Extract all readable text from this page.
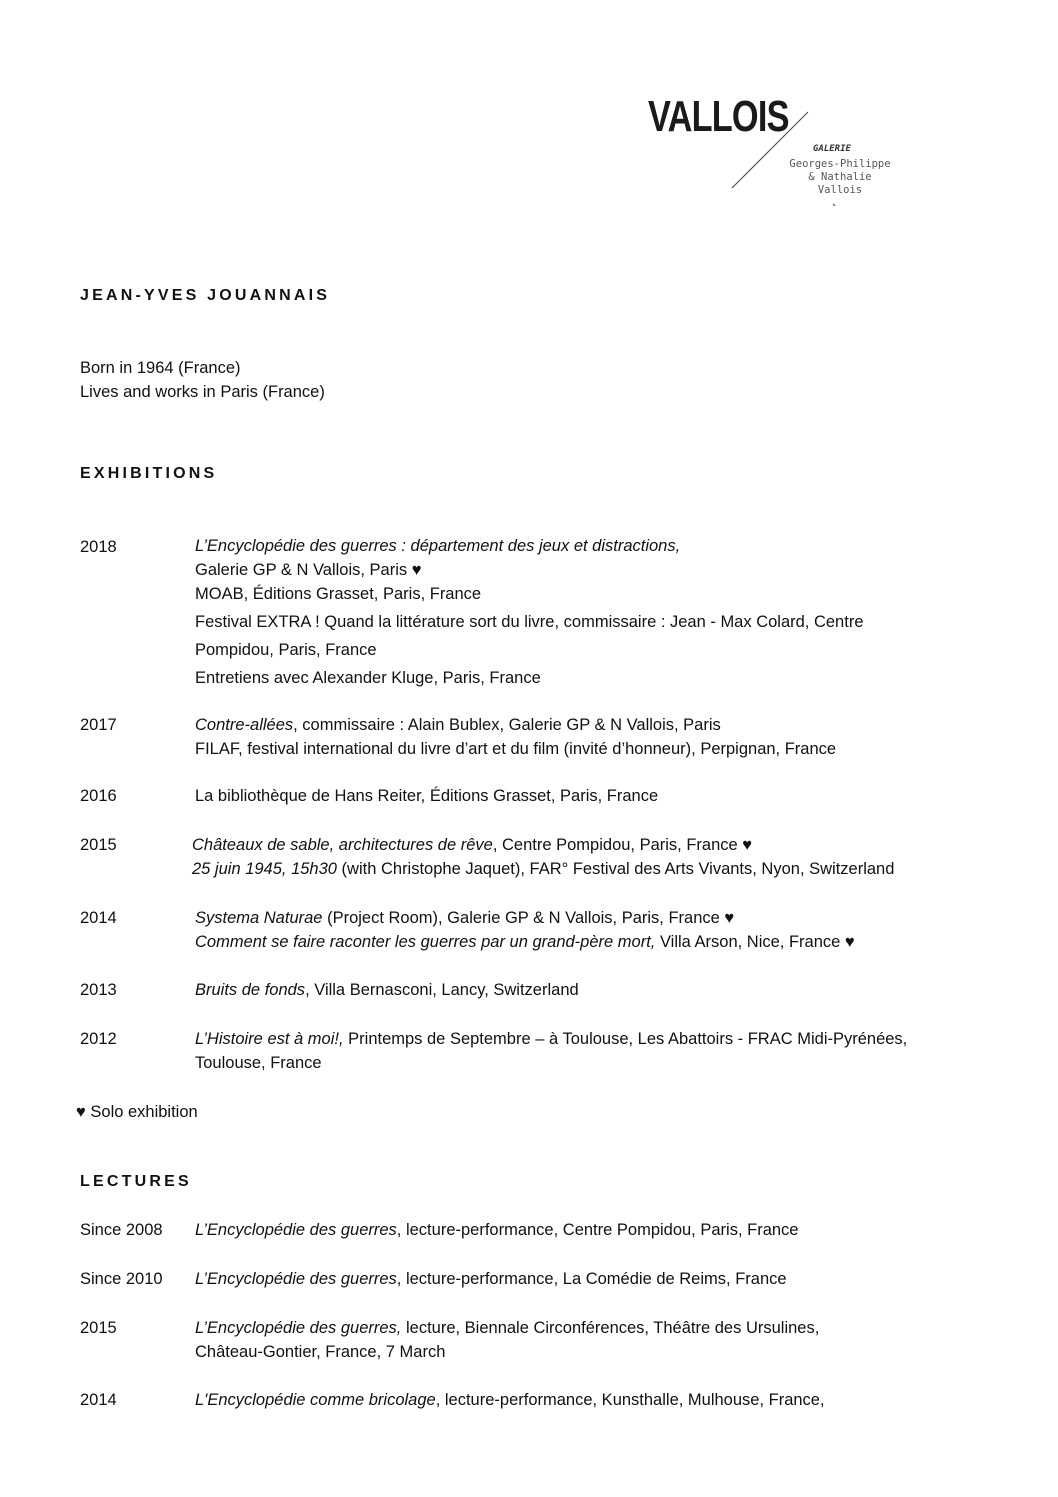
VALLOIS
GALERIE
Georges-Philippe
& Nathalie
Vallois
JEAN-YVES JOUANNAIS
Born in 1964 (France)
Lives and works in Paris (France)
EXHIBITIONS
2018	L’Encyclopédie des guerres : département des jeux et distractions,
Galerie GP & N Vallois, Paris ♥
MOAB, Éditions Grasset, Paris, France
Festival EXTRA ! Quand la littérature sort du livre, commissaire : Jean - Max Colard, Centre
Pompidou, Paris, France
Entretiens avec Alexander Kluge, Paris, France
2017	Contre-allées, commissaire : Alain Bublex, Galerie GP & N Vallois, Paris
FILAF, festival international du livre d’art et du film (invité d’honneur), Perpignan, France
2016	La bibliothèque de Hans Reiter, Éditions Grasset, Paris, France
2015	Châteaux de sable, architectures de rêve, Centre Pompidou, Paris, France ♥
25 juin 1945, 15h30 (with Christophe Jaquet), FAR° Festival des Arts Vivants, Nyon, Switzerland
2014	Systema Naturae (Project Room), Galerie GP & N Vallois, Paris, France ♥
Comment se faire raconter les guerres par un grand-père mort, Villa Arson, Nice, France ♥
2013	Bruits de fonds, Villa Bernasconi, Lancy, Switzerland
2012	L’Histoire est à moi!, Printemps de Septembre – à Toulouse, Les Abattoirs - FRAC Midi-Pyrénées,
Toulouse, France
♥ Solo exhibition
LECTURES
Since 2008 L’Encyclopédie des guerres, lecture-performance, Centre Pompidou, Paris, France
Since 2010 L’Encyclopédie des guerres, lecture-performance, La Comédie de Reims, France
2015	L’Encyclopédie des guerres, lecture, Biennale Circonférences, Théâtre des Ursulines,
Château-Gontier, France, 7 March
2014	L'Encyclopédie comme bricolage, lecture-performance, Kunsthalle, Mulhouse, France,
